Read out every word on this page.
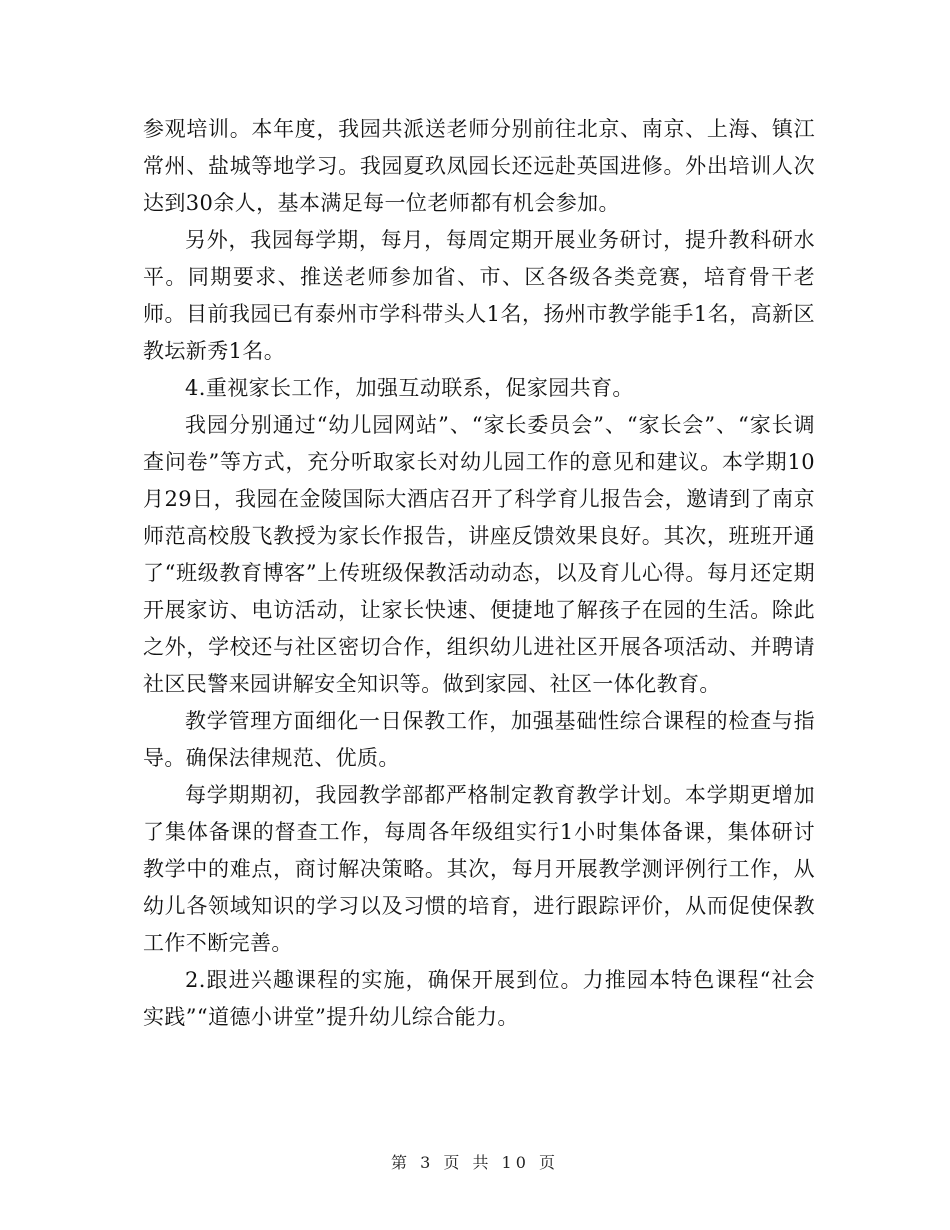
参观培训。本年度，我园共派送老师分别前往北京、南京、上海、镇江常州、盐城等地学习。我园夏玖凤园长还远赴英国进修。外出培训人次达到30余人，基本满足每一位老师都有机会参加。

另外，我园每学期，每月，每周定期开展业务研讨，提升教科研水平。同期要求、推送老师参加省、市、区各级各类竞赛，培育骨干老师。目前我园已有泰州市学科带头人1名，扬州市教学能手1名，高新区教坛新秀1名。

4.重视家长工作，加强互动联系，促家园共育。

我园分别通过“幼儿园网站”、“家长委员会”、“家长会”、“家长调查问卷”等方式，充分听取家长对幼儿园工作的意见和建议。本学期10月29日，我园在金陵国际大酒店召开了科学育儿报告会，邀请到了南京师范高校殷飞教授为家长作报告，讲座反馈效果良好。其次，班班开通了“班级教育博客”上传班级保教活动动态，以及育儿心得。每月还定期开展家访、电访活动，让家长快速、便捷地了解孩子在园的生活。除此之外，学校还与社区密切合作，组织幼儿进社区开展各项活动、并聘请社区民警来园讲解安全知识等。做到家园、社区一体化教育。

教学管理方面细化一日保教工作，加强基础性综合课程的检查与指导。确保法律规范、优质。

每学期期初，我园教学部都严格制定教育教学计划。本学期更增加了集体备课的督查工作，每周各年级组实行1小时集体备课，集体研讨教学中的难点，商讨解决策略。其次，每月开展教学测评例行工作，从幼儿各领域知识的学习以及习惯的培育，进行跟踪评价，从而促使保教工作不断完善。

2.跟进兴趣课程的实施，确保开展到位。力推园本特色课程“社会实践”“道德小讲堂”提升幼儿综合能力。

第 3 页 共 10 页
